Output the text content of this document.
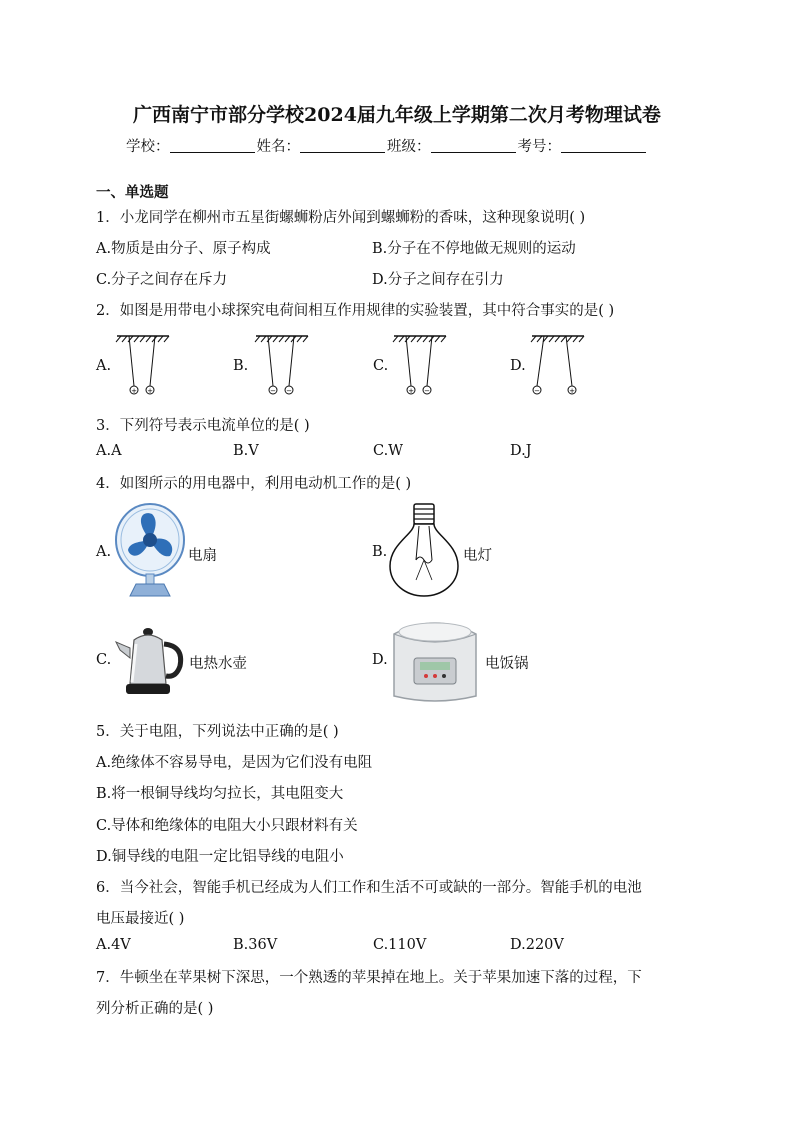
广西南宁市部分学校2024届九年级上学期第二次月考物理试卷
学校：	姓名：	班级：	考号：
一、单选题
1．小龙同学在柳州市五星街螺蛳粉店外闻到螺蛳粉的香味，这种现象说明( )
A.物质是由分子、原子构成	B.分子在不停地做无规则的运动
C.分子之间存在斥力	D.分子之间存在引力
2．如图是用带电小球探究电荷间相互作用规律的实验装置，其中符合事实的是( )
A.	B.	C.	D.
+ +	− −	+ −	−	+
3．下列符号表示电流单位的是( )
A.A	B.V	C.W	D.J
4．如图所示的用电器中，利用电动机工作的是( )
A.	电扇	B.	电灯
C.	电热水壶	D.	电饭锅
5．关于电阻，下列说法中正确的是( )
A.绝缘体不容易导电，是因为它们没有电阻
B.将一根铜导线均匀拉长，其电阻变大
C.导体和绝缘体的电阻大小只跟材料有关
D.铜导线的电阻一定比铝导线的电阻小
6．当今社会，智能手机已经成为人们工作和生活不可或缺的一部分。智能手机的电池
电压最接近( )
A.4V	B.36V	C.110V	D.220V
7．牛顿坐在苹果树下深思，一个熟透的苹果掉在地上。关于苹果加速下落的过程，下
列分析正确的是( )
